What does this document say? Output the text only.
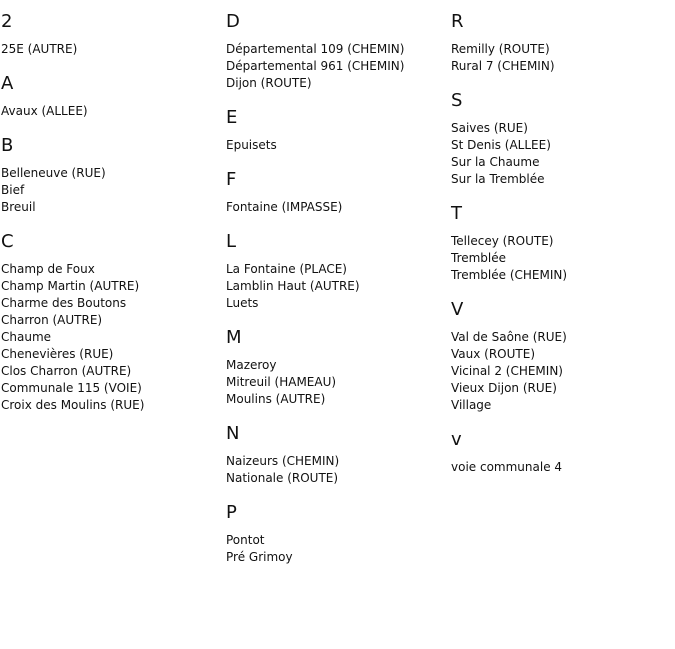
2
25E (AUTRE)
A
Avaux (ALLEE)
B
Belleneuve (RUE)
Bief
Breuil
C
Champ de Foux
Champ Martin (AUTRE)
Charme des Boutons
Charron (AUTRE)
Chaume
Chenevières (RUE)
Clos Charron (AUTRE)
Communale 115 (VOIE)
Croix des Moulins (RUE)
D
Départemental 109 (CHEMIN)
Départemental 961 (CHEMIN)
Dijon (ROUTE)
E
Epuisets
F
Fontaine (IMPASSE)
L
La Fontaine (PLACE)
Lamblin Haut (AUTRE)
Luets
M
Mazeroy
Mitreuil (HAMEAU)
Moulins (AUTRE)
N
Naizeurs (CHEMIN)
Nationale (ROUTE)
P
Pontot
Pré Grimoy
R
Remilly (ROUTE)
Rural 7 (CHEMIN)
S
Saives (RUE)
St Denis (ALLEE)
Sur la Chaume
Sur la Tremblée
T
Tellecey (ROUTE)
Tremblée
Tremblée (CHEMIN)
V
Val de Saône (RUE)
Vaux (ROUTE)
Vicinal 2 (CHEMIN)
Vieux Dijon (RUE)
Village
v
voie communale 4
